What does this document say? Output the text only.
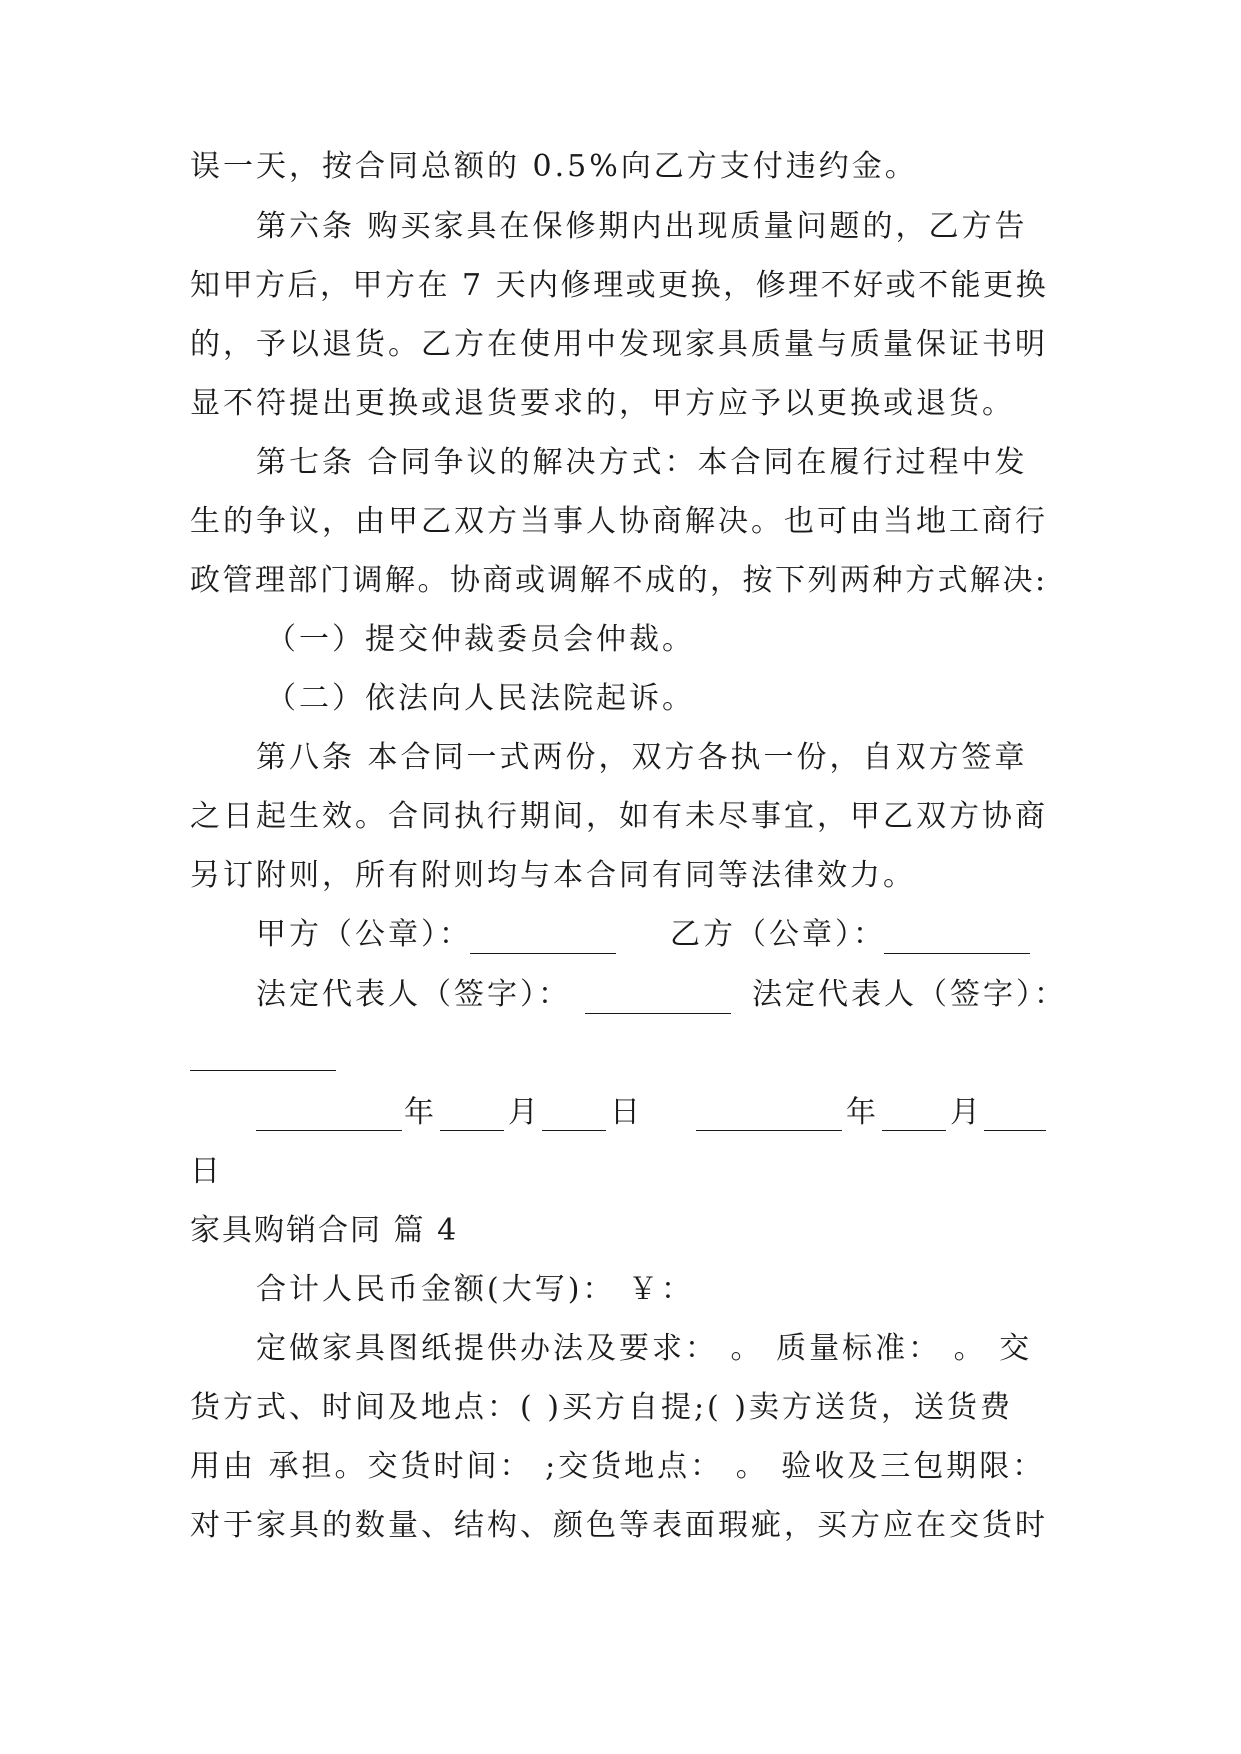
误一天，按合同总额的 0.5%向乙方支付违约金。
第六条 购买家具在保修期内出现质量问题的，乙方告
知甲方后，甲方在 7 天内修理或更换，修理不好或不能更换
的，予以退货。乙方在使用中发现家具质量与质量保证书明
显不符提出更换或退货要求的，甲方应予以更换或退货。
第七条 合同争议的解决方式：本合同在履行过程中发
生的争议，由甲乙双方当事人协商解决。也可由当地工商行
政管理部门调解。协商或调解不成的，按下列两种方式解决:
（一）提交仲裁委员会仲裁。
（二）依法向人民法院起诉。
第八条 本合同一式两份，双方各执一份，自双方签章
之日起生效。合同执行期间，如有未尽事宜，甲乙双方协商
另订附则，所有附则均与本合同有同等法律效力。
甲方（公章）：	乙方（公章）：
法定代表人（签字）：	法定代表人（签字）：
年 月 日	年 月
日
家具购销合同 篇 4
合计人民币金额(大写)： ￥：
定做家具图纸提供办法及要求： 。 质量标准： 。 交
货方式、时间及地点：( )买方自提;( )卖方送货，送货费
用由 承担。交货时间： ;交货地点： 。 验收及三包期限：
对于家具的数量、结构、颜色等表面瑕疵，买方应在交货时
